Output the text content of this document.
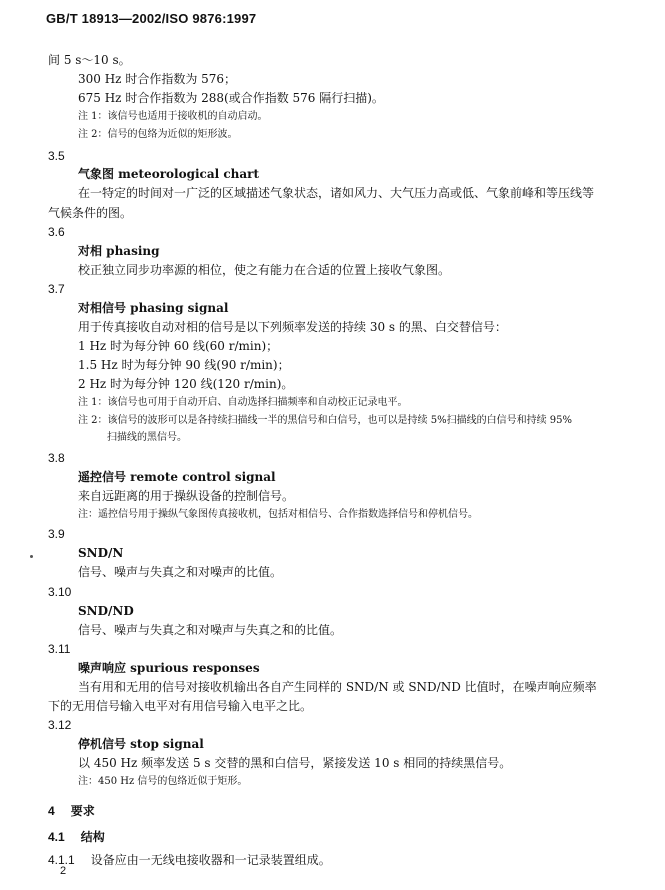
GB/T 18913—2002/ISO 9876:1997
间 5 s～10 s。
300 Hz 时合作指数为 576；
675 Hz 时合作指数为 288(或合作指数 576 隔行扫描)。
注 1：该信号也适用于接收机的自动启动。
注 2：信号的包络为近似的矩形波。
3.5
气象图 meteorological chart
在一特定的时间对一广泛的区域描述气象状态，诸如风力、大气压力高或低、气象前峰和等压线等
气候条件的图。
3.6
对相 phasing
校正独立同步功率源的相位，使之有能力在合适的位置上接收气象图。
3.7
对相信号 phasing signal
用于传真接收自动对相的信号是以下列频率发送的持续 30 s 的黑、白交替信号：
1 Hz 时为每分钟 60 线(60 r/min)；
1.5 Hz 时为每分钟 90 线(90 r/min)；
2 Hz 时为每分钟 120 线(120 r/min)。
注 1：该信号也可用于自动开启、自动选择扫描频率和自动校正记录电平。
注 2：该信号的波形可以是各持续扫描线一半的黑信号和白信号，也可以是持续 5%扫描线的白信号和持续 95%
扫描线的黑信号。
3.8
遥控信号 remote control signal
来自远距离的用于操纵设备的控制信号。
注：遥控信号用于操纵气象图传真接收机，包括对相信号、合作指数选择信号和停机信号。
3.9
SND/N
信号、噪声与失真之和对噪声的比值。
3.10
SND/ND
信号、噪声与失真之和对噪声与失真之和的比值。
3.11
噪声响应 spurious responses
当有用和无用的信号对接收机输出各自产生同样的 SND/N 或 SND/ND 比值时，在噪声响应频率
下的无用信号输入电平对有用信号输入电平之比。
3.12
停机信号 stop signal
以 450 Hz 频率发送 5 s 交替的黑和白信号，紧接发送 10 s 相同的持续黑信号。
注：450 Hz 信号的包络近似于矩形。
4 要求
4.1 结构
4.1.1 设备应由一无线电接收器和一记录装置组成。
2
